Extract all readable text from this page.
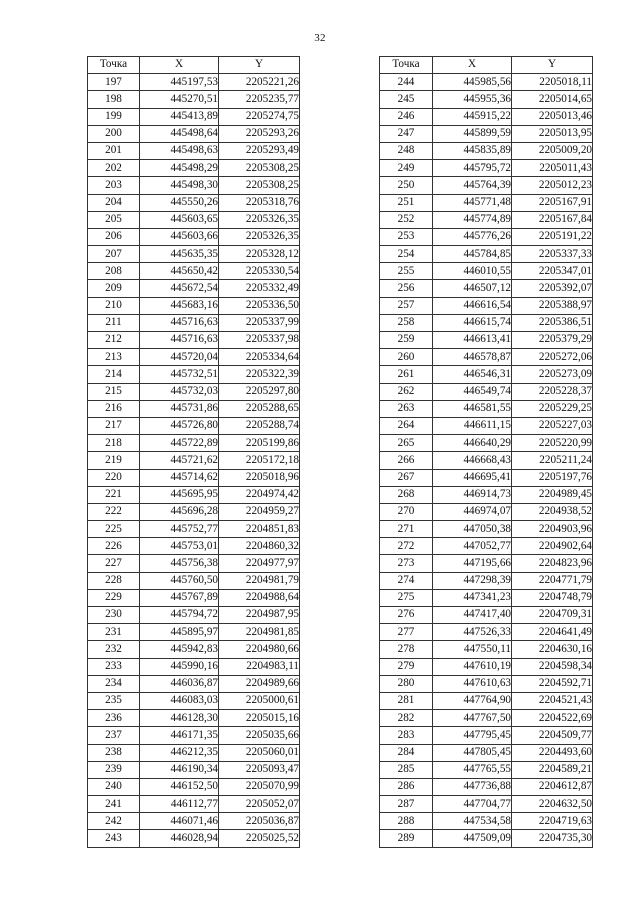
32
Точка	X	Y
197	445197,53	2205221,26
198	445270,51	2205235,77
199	445413,89	2205274,75
200	445498,64	2205293,26
201	445498,63	2205293,49
202	445498,29	2205308,25
203	445498,30	2205308,25
204	445550,26	2205318,76
205	445603,65	2205326,35
206	445603,66	2205326,35
207	445635,35	2205328,12
208	445650,42	2205330,54
209	445672,54	2205332,49
210	445683,16	2205336,50
211	445716,63	2205337,99
212	445716,63	2205337,98
213	445720,04	2205334,64
214	445732,51	2205322,39
215	445732,03	2205297,80
216	445731,86	2205288,65
217	445726,80	2205288,74
218	445722,89	2205199,86
219	445721,62	2205172,18
220	445714,62	2205018,96
221	445695,95	2204974,42
222	445696,28	2204959,27
225	445752,77	2204851,83
226	445753,01	2204860,32
227	445756,38	2204977,97
228	445760,50	2204981,79
229	445767,89	2204988,64
230	445794,72	2204987,95
231	445895,97	2204981,85
232	445942,83	2204980,66
233	445990,16	2204983,11
234	446036,87	2204989,66
235	446083,03	2205000,61
236	446128,30	2205015,16
237	446171,35	2205035,66
238	446212,35	2205060,01
239	446190,34	2205093,47
240	446152,50	2205070,99
241	446112,77	2205052,07
242	446071,46	2205036,87
243	446028,94	2205025,52
Точка	X	Y
244	445985,56	2205018,11
245	445955,36	2205014,65
246	445915,22	2205013,46
247	445899,59	2205013,95
248	445835,89	2205009,20
249	445795,72	2205011,43
250	445764,39	2205012,23
251	445771,48	2205167,91
252	445774,89	2205167,84
253	445776,26	2205191,22
254	445784,85	2205337,33
255	446010,55	2205347,01
256	446507,12	2205392,07
257	446616,54	2205388,97
258	446615,74	2205386,51
259	446613,41	2205379,29
260	446578,87	2205272,06
261	446546,31	2205273,09
262	446549,74	2205228,37
263	446581,55	2205229,25
264	446611,15	2205227,03
265	446640,29	2205220,99
266	446668,43	2205211,24
267	446695,41	2205197,76
268	446914,73	2204989,45
270	446974,07	2204938,52
271	447050,38	2204903,96
272	447052,77	2204902,64
273	447195,66	2204823,96
274	447298,39	2204771,79
275	447341,23	2204748,79
276	447417,40	2204709,31
277	447526,33	2204641,49
278	447550,11	2204630,16
279	447610,19	2204598,34
280	447610,63	2204592,71
281	447764,90	2204521,43
282	447767,50	2204522,69
283	447795,45	2204509,77
284	447805,45	2204493,60
285	447765,55	2204589,21
286	447736,88	2204612,87
287	447704,77	2204632,50
288	447534,58	2204719,63
289	447509,09	2204735,30
